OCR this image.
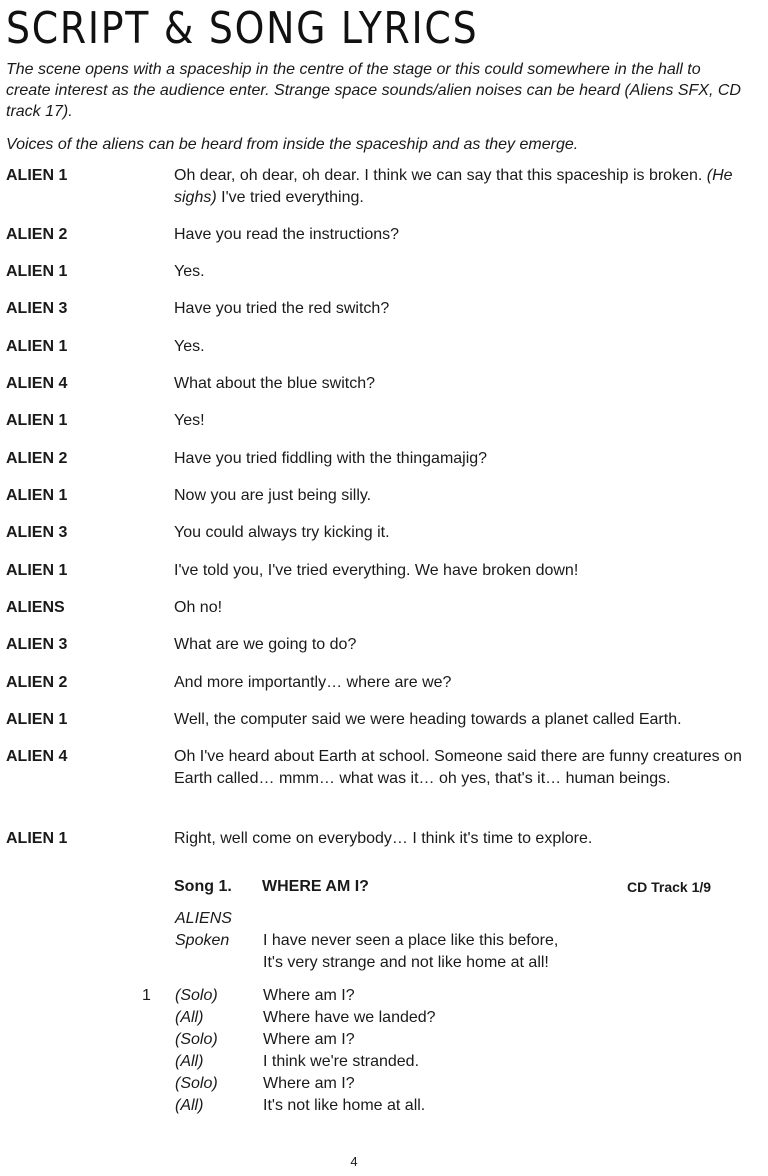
SCRIPT & SONG LYRICS
The scene opens with a spaceship in the centre of the stage or this could somewhere in the hall to create interest as the audience enter. Strange space sounds/alien noises can be heard (Aliens SFX, CD track 17).
Voices of the aliens can be heard from inside the spaceship and as they emerge.
ALIEN 1	Oh dear, oh dear, oh dear. I think we can say that this spaceship is broken. (He sighs) I've tried everything.
ALIEN 2	Have you read the instructions?
ALIEN 1	Yes.
ALIEN 3	Have you tried the red switch?
ALIEN 1	Yes.
ALIEN 4	What about the blue switch?
ALIEN 1	Yes!
ALIEN 2	Have you tried fiddling with the thingamajig?
ALIEN 1	Now you are just being silly.
ALIEN 3	You could always try kicking it.
ALIEN 1	I've told you, I've tried everything. We have broken down!
ALIENS	Oh no!
ALIEN 3	What are we going to do?
ALIEN 2	And more importantly… where are we?
ALIEN 1	Well, the computer said we were heading towards a planet called Earth.
ALIEN 4	Oh I've heard about Earth at school. Someone said there are funny creatures on Earth called… mmm… what was it… oh yes, that's it… human beings.
ALIEN 1	Right, well come on everybody… I think it's time to explore.
Song 1. WHERE AM I?	CD Track 1/9
ALIENS
Spoken I have never seen a place like this before,
It's very strange and not like home at all!
1 (Solo)	Where am I?
(All)	Where have we landed?
(Solo)	Where am I?
(All)	I think we're stranded.
(Solo)	Where am I?
(All)	It's not like home at all.
4
